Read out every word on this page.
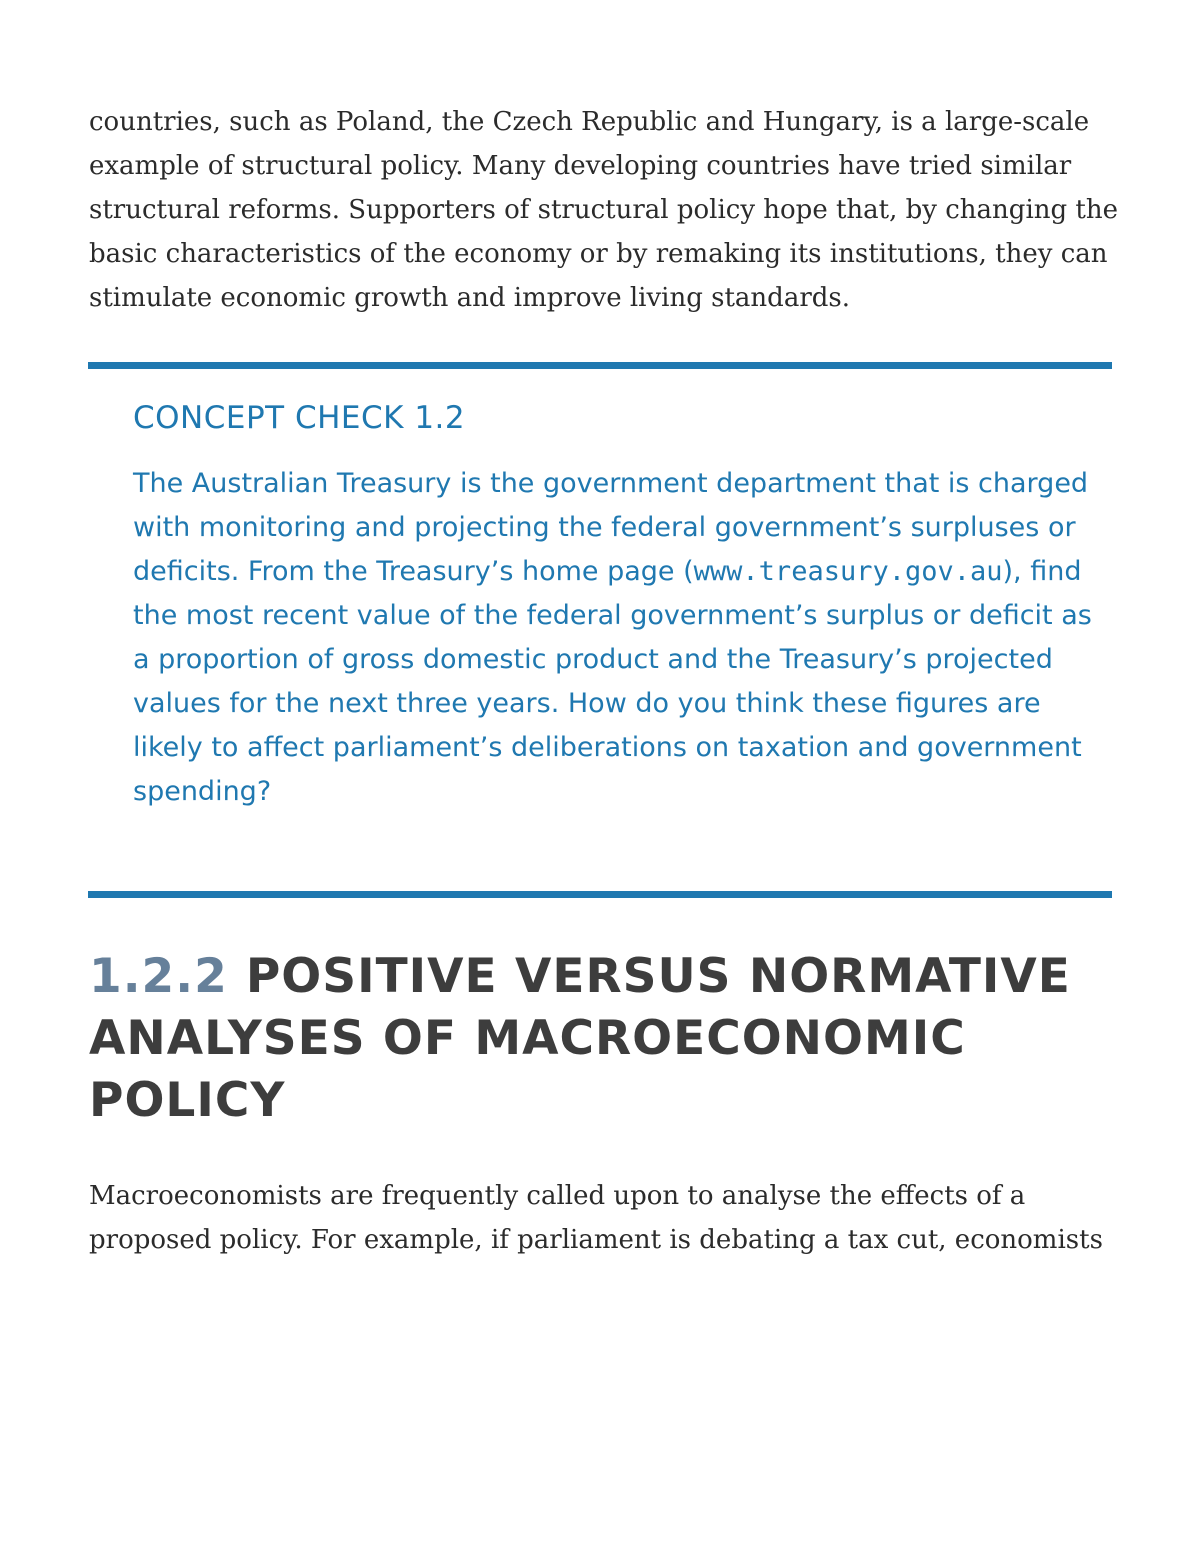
countries, such as Poland, the Czech Republic and Hungary, is a large-scale example of structural policy. Many developing countries have tried similar structural reforms. Supporters of structural policy hope that, by changing the basic characteristics of the economy or by remaking its institutions, they can stimulate economic growth and improve living standards.

CONCEPT CHECK 1.2

The Australian Treasury is the government department that is charged with monitoring and projecting the federal government’s surpluses or deficits. From the Treasury’s home page (www.treasury.gov.au), find the most recent value of the federal government’s surplus or deficit as a proportion of gross domestic product and the Treasury’s projected values for the next three years. How do you think these figures are likely to affect parliament’s deliberations on taxation and government spending?

1.2.2 POSITIVE VERSUS NORMATIVE ANALYSES OF MACROECONOMIC POLICY

Macroeconomists are frequently called upon to analyse the effects of a proposed policy. For example, if parliament is debating a tax cut, economists
